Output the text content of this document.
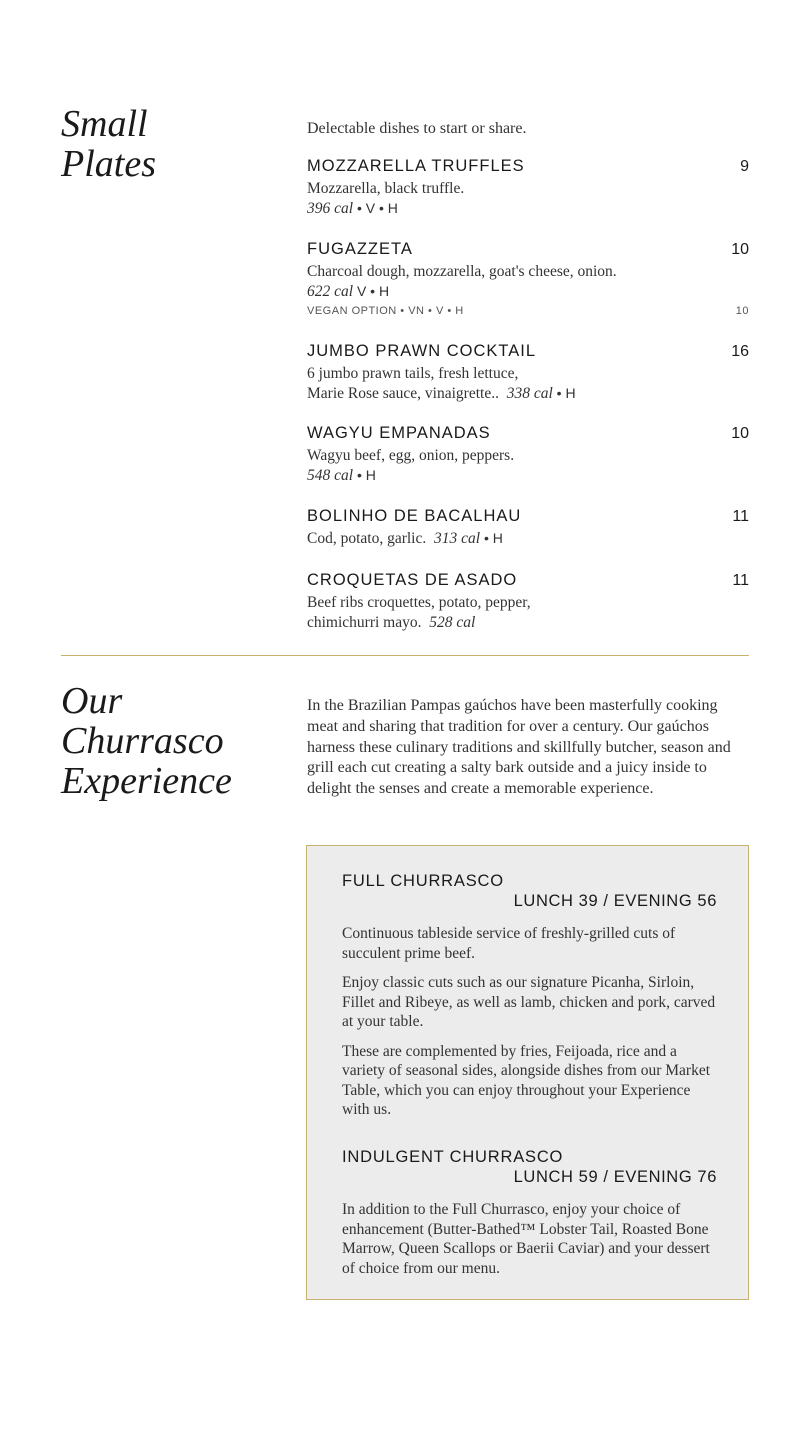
Small
Plates
Delectable dishes to start or share.
MOZZARELLA TRUFFLES	9
Mozzarella, black truffle.
396 cal • V • H
FUGAZZETA	10
Charcoal dough, mozzarella, goat's cheese, onion.
622 cal V • H
VEGAN OPTION • VN • V • H	10
JUMBO PRAWN COCKTAIL	16
6 jumbo prawn tails, fresh lettuce,
Marie Rose sauce, vinaigrette.. 338 cal • H
WAGYU EMPANADAS	10
Wagyu beef, egg, onion, peppers.
548 cal • H
BOLINHO DE BACALHAU	11
Cod, potato, garlic. 313 cal • H
CROQUETAS DE ASADO	11
Beef ribs croquettes, potato, pepper,
chimichurri mayo. 528 cal
Our
Churrasco
Experience
In the Brazilian Pampas gaúchos have been masterfully cooking meat and sharing that tradition for over a century. Our gaúchos harness these culinary traditions and skillfully butcher, season and grill each cut creating a salty bark outside and a juicy inside to delight the senses and create a memorable experience.
FULL CHURRASCO
LUNCH 39 / EVENING 56

Continuous tableside service of freshly-grilled cuts of succulent prime beef.

Enjoy classic cuts such as our signature Picanha, Sirloin, Fillet and Ribeye, as well as lamb, chicken and pork, carved at your table.

These are complemented by fries, Feijoada, rice and a variety of seasonal sides, alongside dishes from our Market Table, which you can enjoy throughout your Experience with us.

INDULGENT CHURRASCO
LUNCH 59 / EVENING 76

In addition to the Full Churrasco, enjoy your choice of enhancement (Butter-Bathed™ Lobster Tail, Roasted Bone Marrow, Queen Scallops or Baerii Caviar) and your dessert of choice from our menu.
